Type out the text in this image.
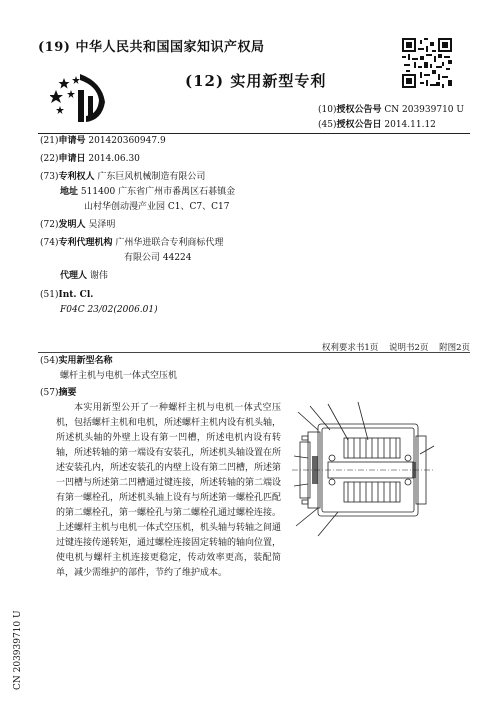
(19) 中华人民共和国国家知识产权局
(12) 实用新型专利
(10)授权公告号 CN 203939710 U
(45)授权公告日 2014.11.12
(21)申请号 201420360947.9
(22)申请日 2014.06.30
(73)专利权人 广东巨风机械制造有限公司
地址 511400 广东省广州市番禺区石碁镇金
山村华创动漫产业园 C1、C7、C17
(72)发明人 吴泽明
(74)专利代理机构 广州华进联合专利商标代理
有限公司 44224
代理人 谢伟
(51)Int. Cl.
F04C 23/02(2006.01)
权利要求书1页 说明书2页 附图2页
(54)实用新型名称
螺杆主机与电机一体式空压机
(57)摘要
本实用新型公开了一种螺杆主机与电机一体式空压机，包括螺杆主机和电机，所述螺杆主机内设有机头轴，所述机头轴的外壁上设有第一凹槽，所述电机内设有转轴，所述转轴的第一端设有安装孔，所述机头轴设置在所述安装孔内，所述安装孔的内壁上设有第二凹槽，所述第一凹槽与所述第二凹槽通过键连接，所述转轴的第二端设有第一螺栓孔，所述机头轴上设有与所述第一螺栓孔匹配的第二螺栓孔，第一螺栓孔与第二螺栓孔通过螺栓连接。上述螺杆主机与电机一体式空压机，机头轴与转轴之间通过键连接传递转矩，通过螺栓连接固定转轴的轴向位置，使电机与螺杆主机连接更稳定，传动效率更高，装配简单，减少需维护的部件，节约了维护成本。
CN 203939710 U
